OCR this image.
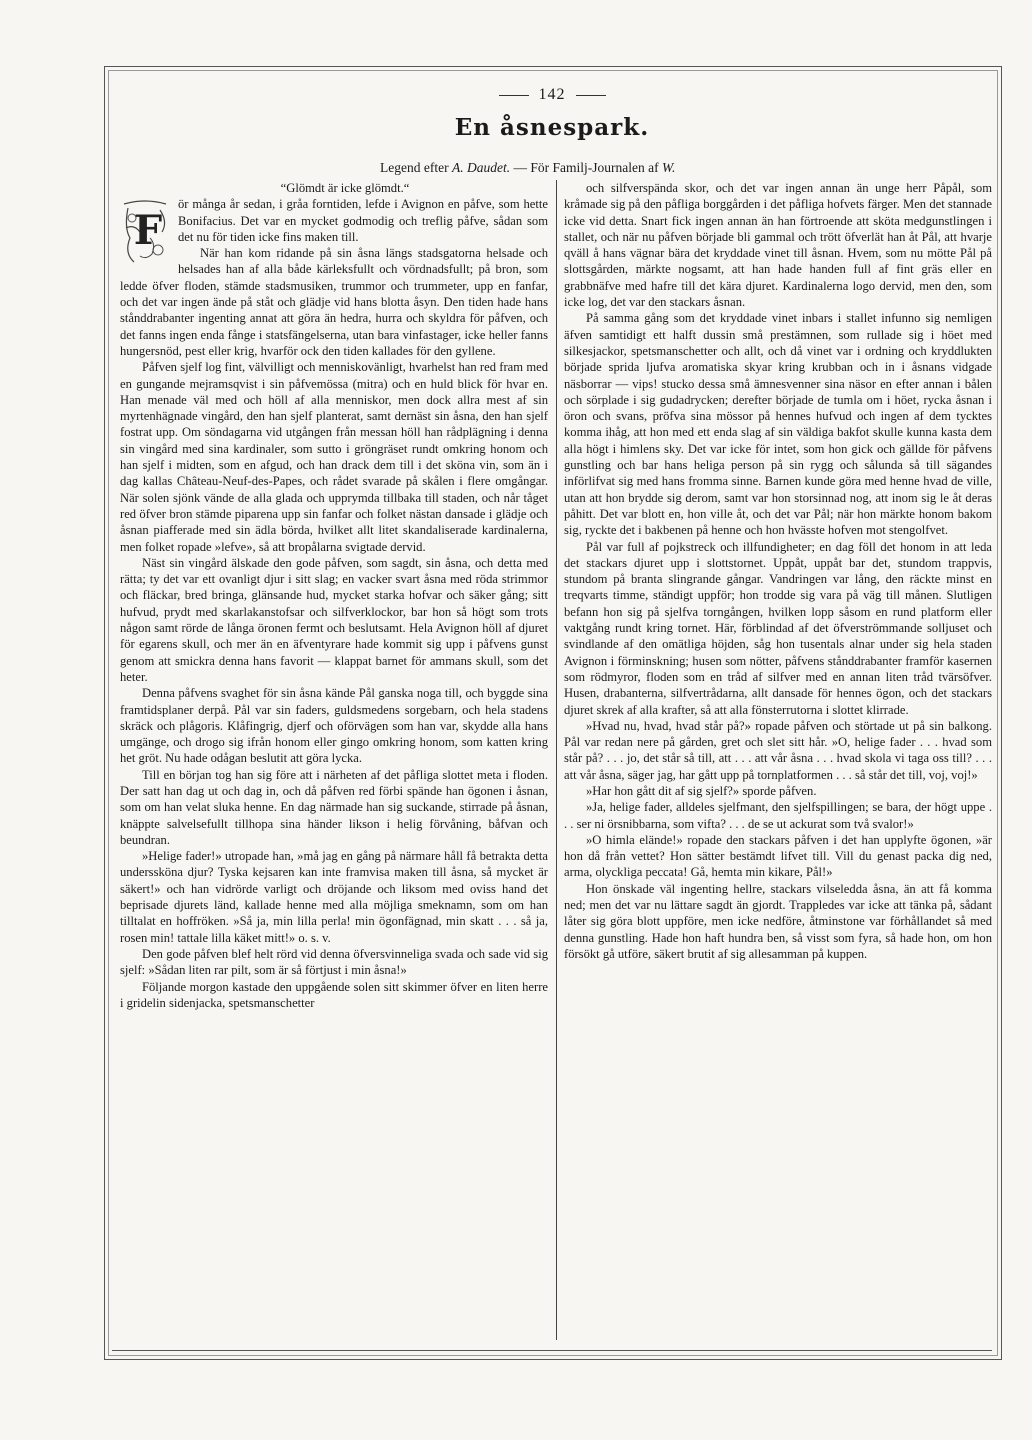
142
En åsnespark.
Legend efter A. Daudet. — För Familj-Journalen af W.

“Glömdt är icke glömdt.“

F

ör många år sedan, i gråa forntiden, lefde i Avignon en påfve, som hette Bonifacius. Det var en mycket godmodig och treflig påfve, sådan som det nu för tiden icke fins maken till.

När han kom ridande på sin åsna längs stadsgatorna helsade och helsades han af alla både kärleksfullt och vördnadsfullt; på bron, som ledde öfver floden, stämde stadsmusiken, trummor och trummeter, upp en fanfar, och det var ingen ände på ståt och glädje vid hans blotta åsyn. Den tiden hade hans stånddrabanter ingenting annat att göra än hedra, hurra och skyldra för påfven, och det fanns ingen enda fånge i statsfängelserna, utan bara vinfastager, icke heller fanns hungersnöd, pest eller krig, hvarför ock den tiden kallades för den gyllene.

Påfven sjelf log fint, välvilligt och menniskovänligt, hvarhelst han red fram med en gungande mejramsqvist i sin påfvemössa (mitra) och en huld blick för hvar en. Han menade väl med och höll af alla menniskor, men dock allra mest af sin myrtenhägnade vingård, den han sjelf planterat, samt dernäst sin åsna, den han sjelf fostrat upp. Om söndagarna vid utgången från messan höll han rådplägning i denna sin vingård med sina kardinaler, som sutto i gröngräset rundt omkring honom och han sjelf i midten, som en afgud, och han drack dem till i det sköna vin, som än i dag kallas Château-Neuf-des-Papes, och rådet svarade på skålen i flere omgångar. När solen sjönk vände de alla glada och upprymda tillbaka till staden, och når tåget red öfver bron stämde piparena upp sin fanfar och folket nästan dansade i glädje och åsnan piafferade med sin ädla börda, hvilket allt litet skandaliserade kardinalerna, men folket ropade »lefve», så att bropålarna svigtade dervid.

Näst sin vingård älskade den gode påfven, som sagdt, sin åsna, och detta med rätta; ty det var ett ovanligt djur i sitt slag; en vacker svart åsna med röda strimmor och fläckar, bred bringa, glänsande hud, mycket starka hofvar och säker gång; sitt hufvud, prydt med skarlakanstofsar och silfverklockor, bar hon så högt som trots någon samt rörde de långa öronen fermt och beslutsamt. Hela Avignon höll af djuret för egarens skull, och mer än en äfventyrare hade kommit sig upp i påfvens gunst genom att smickra denna hans favorit — klappat barnet för ammans skull, som det heter.

Denna påfvens svaghet för sin åsna kände Pål ganska noga till, och byggde sina framtidsplaner derpå. Pål var sin faders, guldsmedens sorgebarn, och hela stadens skräck och plågoris. Klåfingrig, djerf och oförvägen som han var, skydde alla hans umgänge, och drogo sig ifrån honom eller gingo omkring honom, som katten kring het gröt. Nu hade odågan beslutit att göra lycka.

Till en början tog han sig före att i närheten af det påfliga slottet meta i floden. Der satt han dag ut och dag in, och då påfven red förbi spände han ögonen i åsnan, som om han velat sluka henne. En dag närmade han sig suckande, stirrade på åsnan, knäppte salvelsefullt tillhopa sina händer likson i helig förvåning, båfvan och beundran.

»Helige fader!» utropade han, »må jag en gång på närmare håll få betrakta detta underssköna djur? Tyska kejsaren kan inte framvisa maken till åsna, så mycket är säkert!» och han vidrörde varligt och dröjande och liksom med oviss hand det beprisade djurets länd, kallade henne med alla möjliga smeknamn, som om han tilltalat en hoffröken. »Så ja, min lilla perla! min ögonfägnad, min skatt . . . så ja, rosen min! tattale lilla käket mitt!» o. s. v.

Den gode påfven blef helt rörd vid denna öfversvinneliga svada och sade vid sig sjelf: »Sådan liten rar pilt, som är så förtjust i min åsna!»

Följande morgon kastade den uppgående solen sitt skimmer öfver en liten herre i gridelin sidenjacka, spetsmanschetter

och silfverspända skor, och det var ingen annan än unge herr Påpål, som kråmade sig på den påfliga borggården i det påfliga hofvets färger. Men det stannade icke vid detta. Snart fick ingen annan än han förtroende att sköta medgunstlingen i stallet, och när nu påfven började bli gammal och trött öfverlät han åt Pål, att hvarje qväll å hans vägnar bära det kryddade vinet till åsnan. Hvem, som nu mötte Pål på slottsgården, märkte nogsamt, att han hade handen full af fint gräs eller en grabbnäfve med hafre till det kära djuret. Kardinalerna logo dervid, men den, som icke log, det var den stackars åsnan.

På samma gång som det kryddade vinet inbars i stallet infunno sig nemligen äfven samtidigt ett halft dussin små prestämnen, som rullade sig i höet med silkesjackor, spetsmanschetter och allt, och då vinet var i ordning och kryddlukten började sprida ljufva aromatiska skyar kring krubban och in i åsnans vidgade näsborrar — vips! stucko dessa små ämnesvenner sina näsor en efter annan i bålen och sörplade i sig gudadrycken; derefter började de tumla om i höet, rycka åsnan i öron och svans, pröfva sina mössor på hennes hufvud och ingen af dem tycktes komma ihåg, att hon med ett enda slag af sin väldiga bakfot skulle kunna kasta dem alla högt i himlens sky. Det var icke för intet, som hon gick och gällde för påfvens gunstling och bar hans heliga person på sin rygg och sålunda så till sägandes införlifvat sig med hans fromma sinne. Barnen kunde göra med henne hvad de ville, utan att hon brydde sig derom, samt var hon storsinnad nog, att inom sig le åt deras påhitt. Det var blott en, hon ville åt, och det var Pål; när hon märkte honom bakom sig, ryckte det i bakbenen på henne och hon hvässte hofven mot stengolfvet.

Pål var full af pojkstreck och illfundigheter; en dag föll det honom in att leda det stackars djuret upp i slottstornet. Uppåt, uppåt bar det, stundom trappvis, stundom på branta slingrande gångar. Vandringen var lång, den räckte minst en treqvarts timme, ständigt uppför; hon trodde sig vara på väg till månen. Slutligen befann hon sig på sjelfva torngången, hvilken lopp såsom en rund platform eller vaktgång rundt kring tornet. Här, förblindad af det öfverströmmande solljuset och svindlande af den omätliga höjden, såg hon tusentals alnar under sig hela staden Avignon i förminskning; husen som nötter, påfvens stånddrabanter framför kasernen som rödmyror, floden som en tråd af silfver med en annan liten tråd tvärsöfver. Husen, drabanterna, silfvertrådarna, allt dansade för hennes ögon, och det stackars djuret skrek af alla krafter, så att alla fönsterrutorna i slottet klirrade.

»Hvad nu, hvad, hvad står på?» ropade påfven och störtade ut på sin balkong. Pål var redan nere på gården, gret och slet sitt hår. »O, helige fader . . . hvad som står på? . . . jo, det står så till, att . . . att vår åsna . . . hvad skola vi taga oss till? . . . att vår åsna, säger jag, har gått upp på tornplatformen . . . så står det till, voj, voj!»

»Har hon gått dit af sig sjelf?» sporde påfven.

»Ja, helige fader, alldeles sjelfmant, den sjelfspillingen; se bara, der högt uppe . . . ser ni örsnibbarna, som vifta? . . . de se ut ackurat som två svalor!»

»O himla elände!» ropade den stackars påfven i det han upplyfte ögonen, »är hon då från vettet? Hon sätter bestämdt lifvet till. Vill du genast packa dig ned, arma, olyckliga peccata! Gå, hemta min kikare, Pål!»

Hon önskade väl ingenting hellre, stackars vilseledda åsna, än att få komma ned; men det var nu lättare sagdt än gjordt. Trappledes var icke att tänka på, sådant låter sig göra blott uppföre, men icke nedföre, åtminstone var förhållandet så med denna gunstling. Hade hon haft hundra ben, så visst som fyra, så hade hon, om hon försökt gå utföre, säkert brutit af sig allesamman på kuppen.
